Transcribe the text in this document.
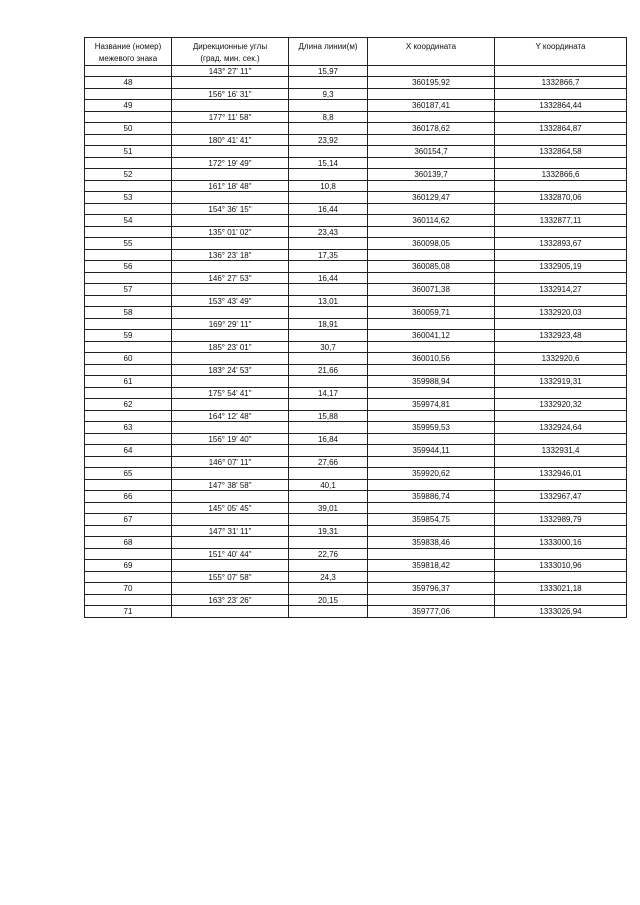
Название (номер)
межевого знака	Дирекционные углы
(град. мин. сек.)	Длина линии(м)	X координата	Y координата
	143° 27' 11"	15,97		
48			360195,92	1332866,7
	156° 16' 31"	9,3		
49			360187,41	1332864,44
	177° 11' 58"	8,8		
50			360178,62	1332864,87
	180° 41' 41"	23,92		
51			360154,7	1332864,58
	172° 19' 49"	15,14		
52			360139,7	1332866,6
	161° 18' 48"	10,8		
53			360129,47	1332870,06
	154° 36' 15"	16,44		
54			360114,62	1332877,11
	135° 01' 02"	23,43		
55			360098,05	1332893,67
	136° 23' 18"	17,35		
56			360085,08	1332905,19
	146° 27' 53"	16,44		
57			360071,38	1332914,27
	153° 43' 49"	13,01		
58			360059,71	1332920,03
	169° 29' 11"	18,91		
59			360041,12	1332923,48
	185° 23' 01"	30,7		
60			360010,56	1332920,6
	183° 24' 53"	21,66		
61			359988,94	1332919,31
	175° 54' 41"	14,17		
62			359974,81	1332920,32
	164° 12' 48"	15,88		
63			359959,53	1332924,64
	156° 19' 40"	16,84		
64			359944,11	1332931,4
	146° 07' 11"	27,66		
65			359920,62	1332946,01
	147° 38' 58"	40,1		
66			359886,74	1332967,47
	145° 05' 45"	39,01		
67			359854,75	1332989,79
	147° 31' 11"	19,31		
68			359838,46	1333000,16
	151° 40' 44"	22,76		
69			359818,42	1333010,96
	155° 07' 58"	24,3		
70			359796,37	1333021,18
	163° 23' 26"	20,15		
71			359777,06	1333026,94
